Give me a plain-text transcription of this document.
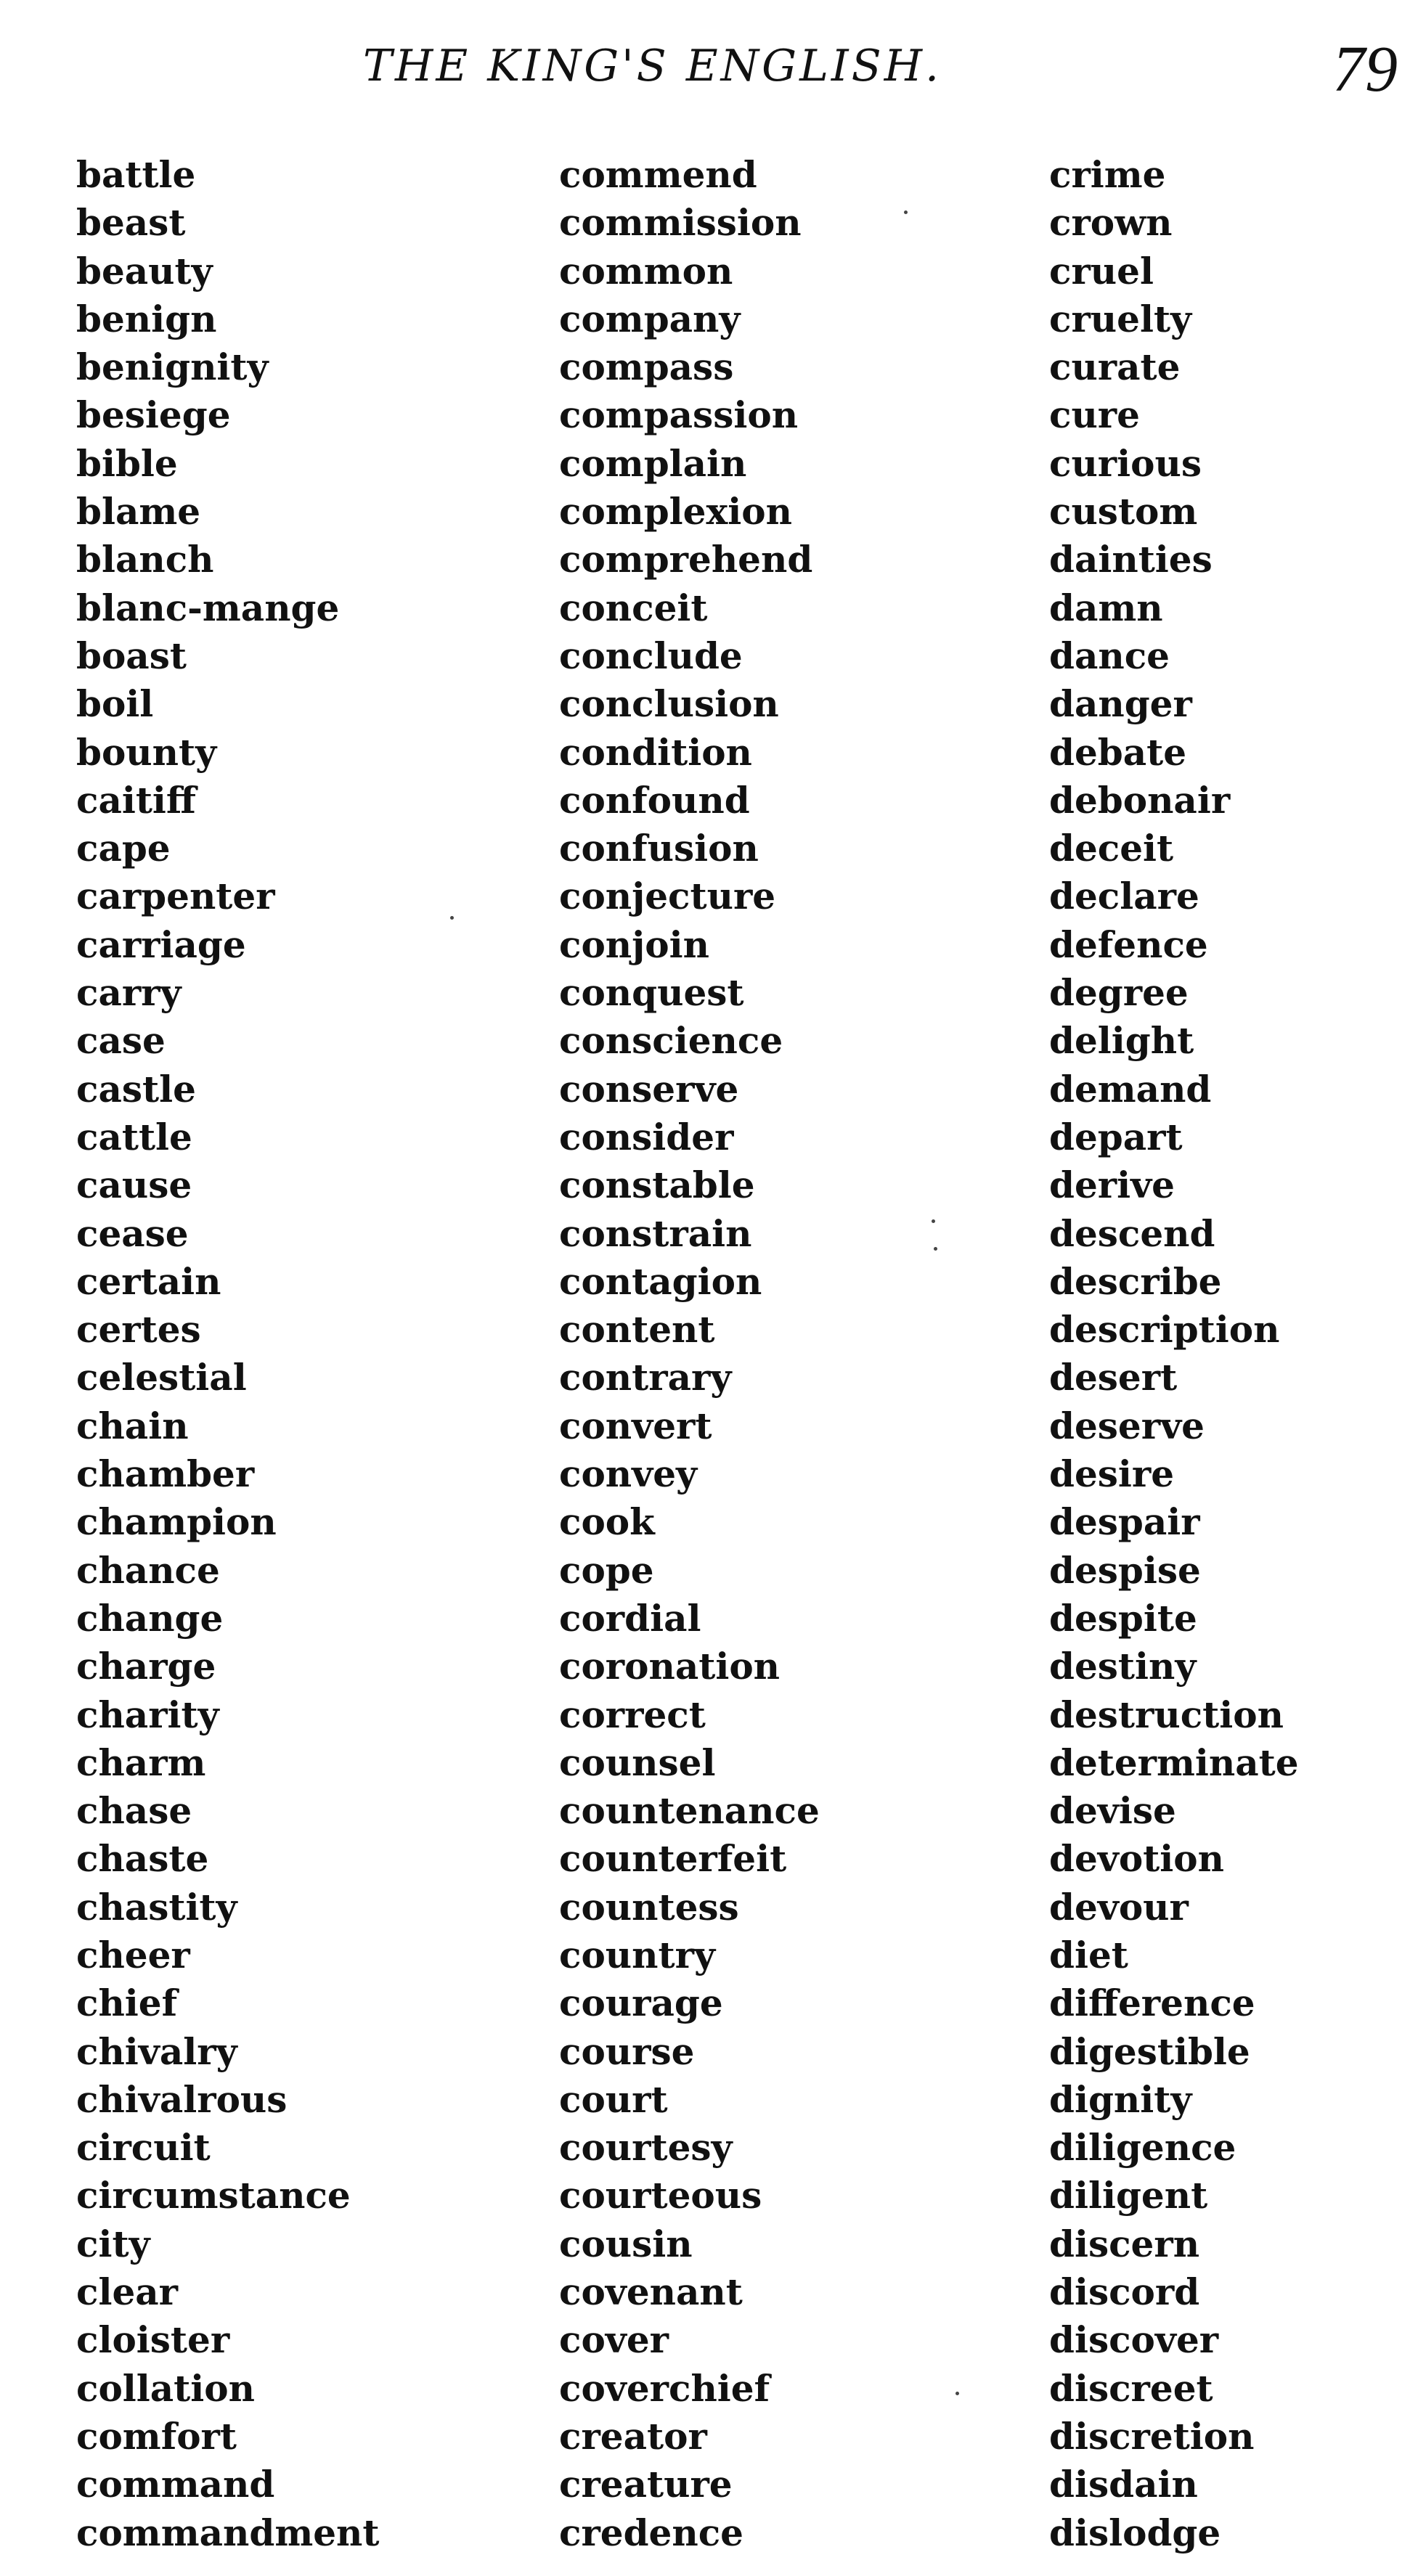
THE KING'S ENGLISH.	79
battle
beast
beauty
benign
benignity
besiege
bible
blame
blanch
blanc-mange
boast
boil
bounty
caitiff
cape
carpenter
carriage
carry
case
castle
cattle
cause
cease
certain
certes
celestial
chain
chamber
champion
chance
change
charge
charity
charm
chase
chaste
chastity
cheer
chief
chivalry
chivalrous
circuit
circumstance
city
clear
cloister
collation
comfort
command
commandment
commend
commission
common
company
compass
compassion
complain
complexion
comprehend
conceit
conclude
conclusion
condition
confound
confusion
conjecture
conjoin
conquest
conscience
conserve
consider
constable
constrain
contagion
content
contrary
convert
convey
cook
cope
cordial
coronation
correct
counsel
countenance
counterfeit
countess
country
courage
course
court
courtesy
courteous
cousin
covenant
cover
coverchief
creator
creature
credence
crime
crown
cruel
cruelty
curate
cure
curious
custom
dainties
damn
dance
danger
debate
debonair
deceit
declare
defence
degree
delight
demand
depart
derive
descend
describe
description
desert
deserve
desire
despair
despise
despite
destiny
destruction
determinate
devise
devotion
devour
diet
difference
digestible
dignity
diligence
diligent
discern
discord
discover
discreet
discretion
disdain
dislodge
